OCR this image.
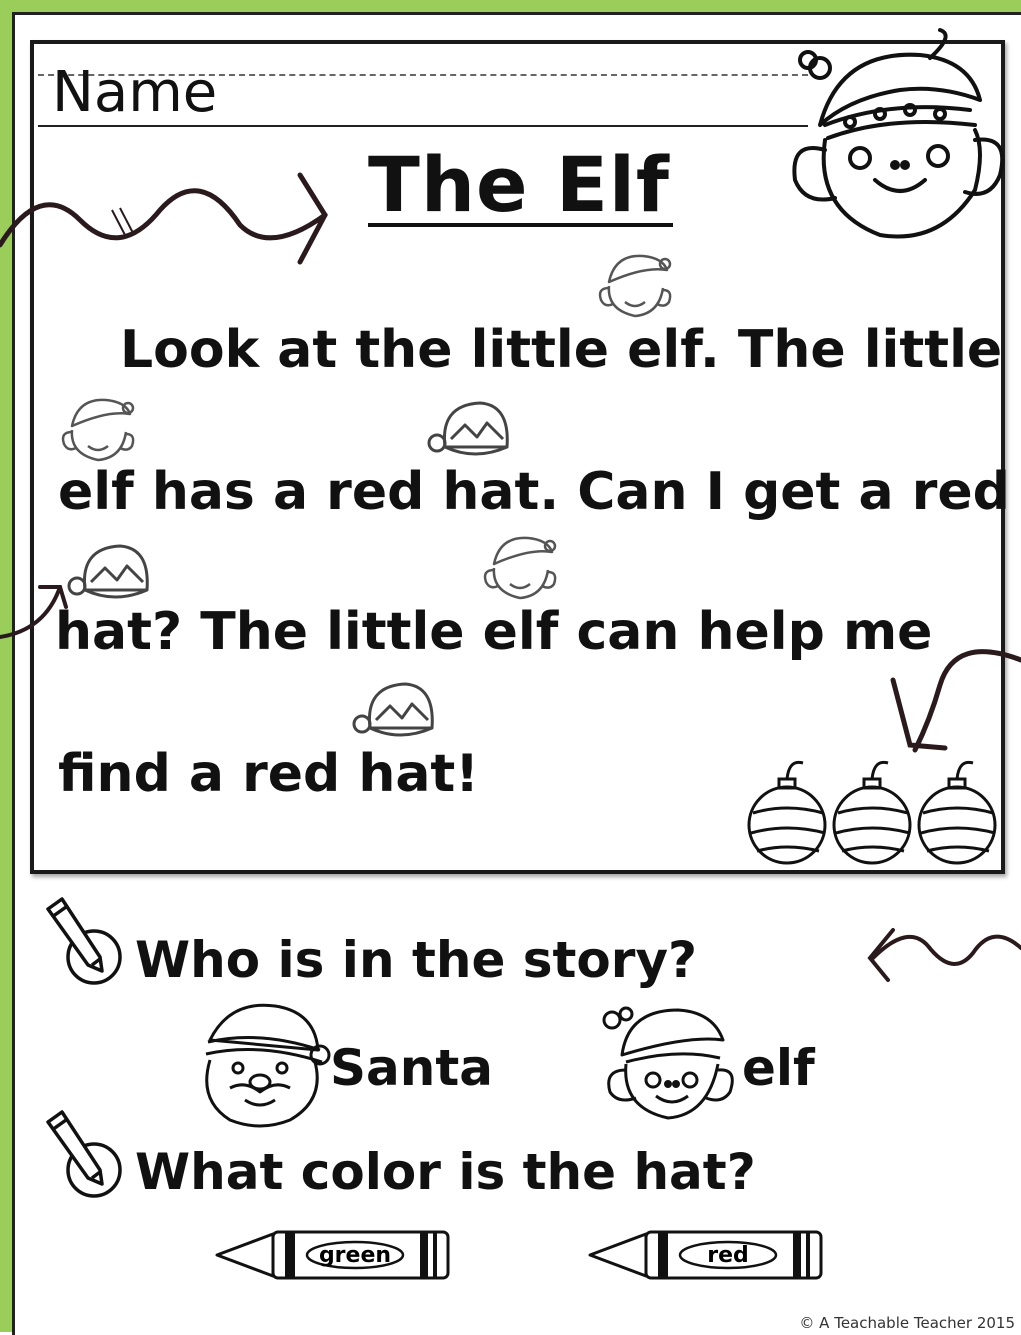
Name
The Elf
Look at the little elf. The little
elf has a red hat. Can I get a red
hat? The little elf can help me
find a red hat!
Who is in the story?
Santa	elf
What color is the hat?
green	red
© A Teachable Teacher 2015
